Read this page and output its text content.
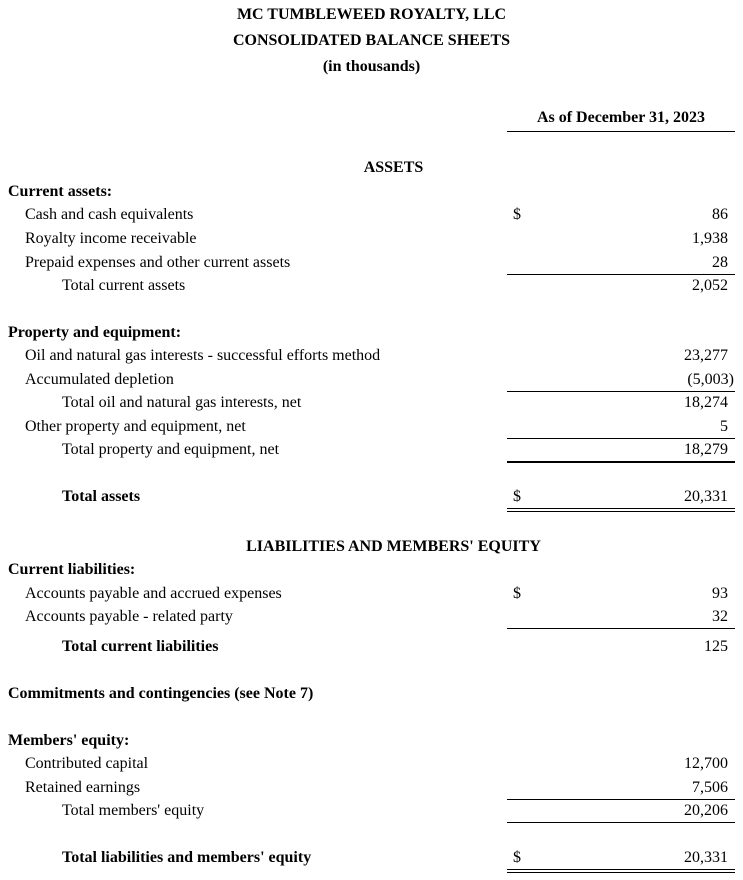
MC TUMBLEWEED ROYALTY, LLC
CONSOLIDATED BALANCE SHEETS
(in thousands)
As of December 31, 2023
ASSETS
Current assets:
Cash and cash equivalents	$	86
Royalty income receivable	1,938
Prepaid expenses and other current assets	28
Total current assets	2,052
Property and equipment:
Oil and natural gas interests - successful efforts method	23,277
Accumulated depletion	(5,003)
Total oil and natural gas interests, net	18,274
Other property and equipment, net	5
Total property and equipment, net	18,279
Total assets	$	20,331
LIABILITIES AND MEMBERS' EQUITY
Current liabilities:
Accounts payable and accrued expenses	$	93
Accounts payable - related party	32
Total current liabilities	125
Commitments and contingencies (see Note 7)
Members' equity:
Contributed capital	12,700
Retained earnings	7,506
Total members' equity	20,206
Total liabilities and members' equity	$	20,331
